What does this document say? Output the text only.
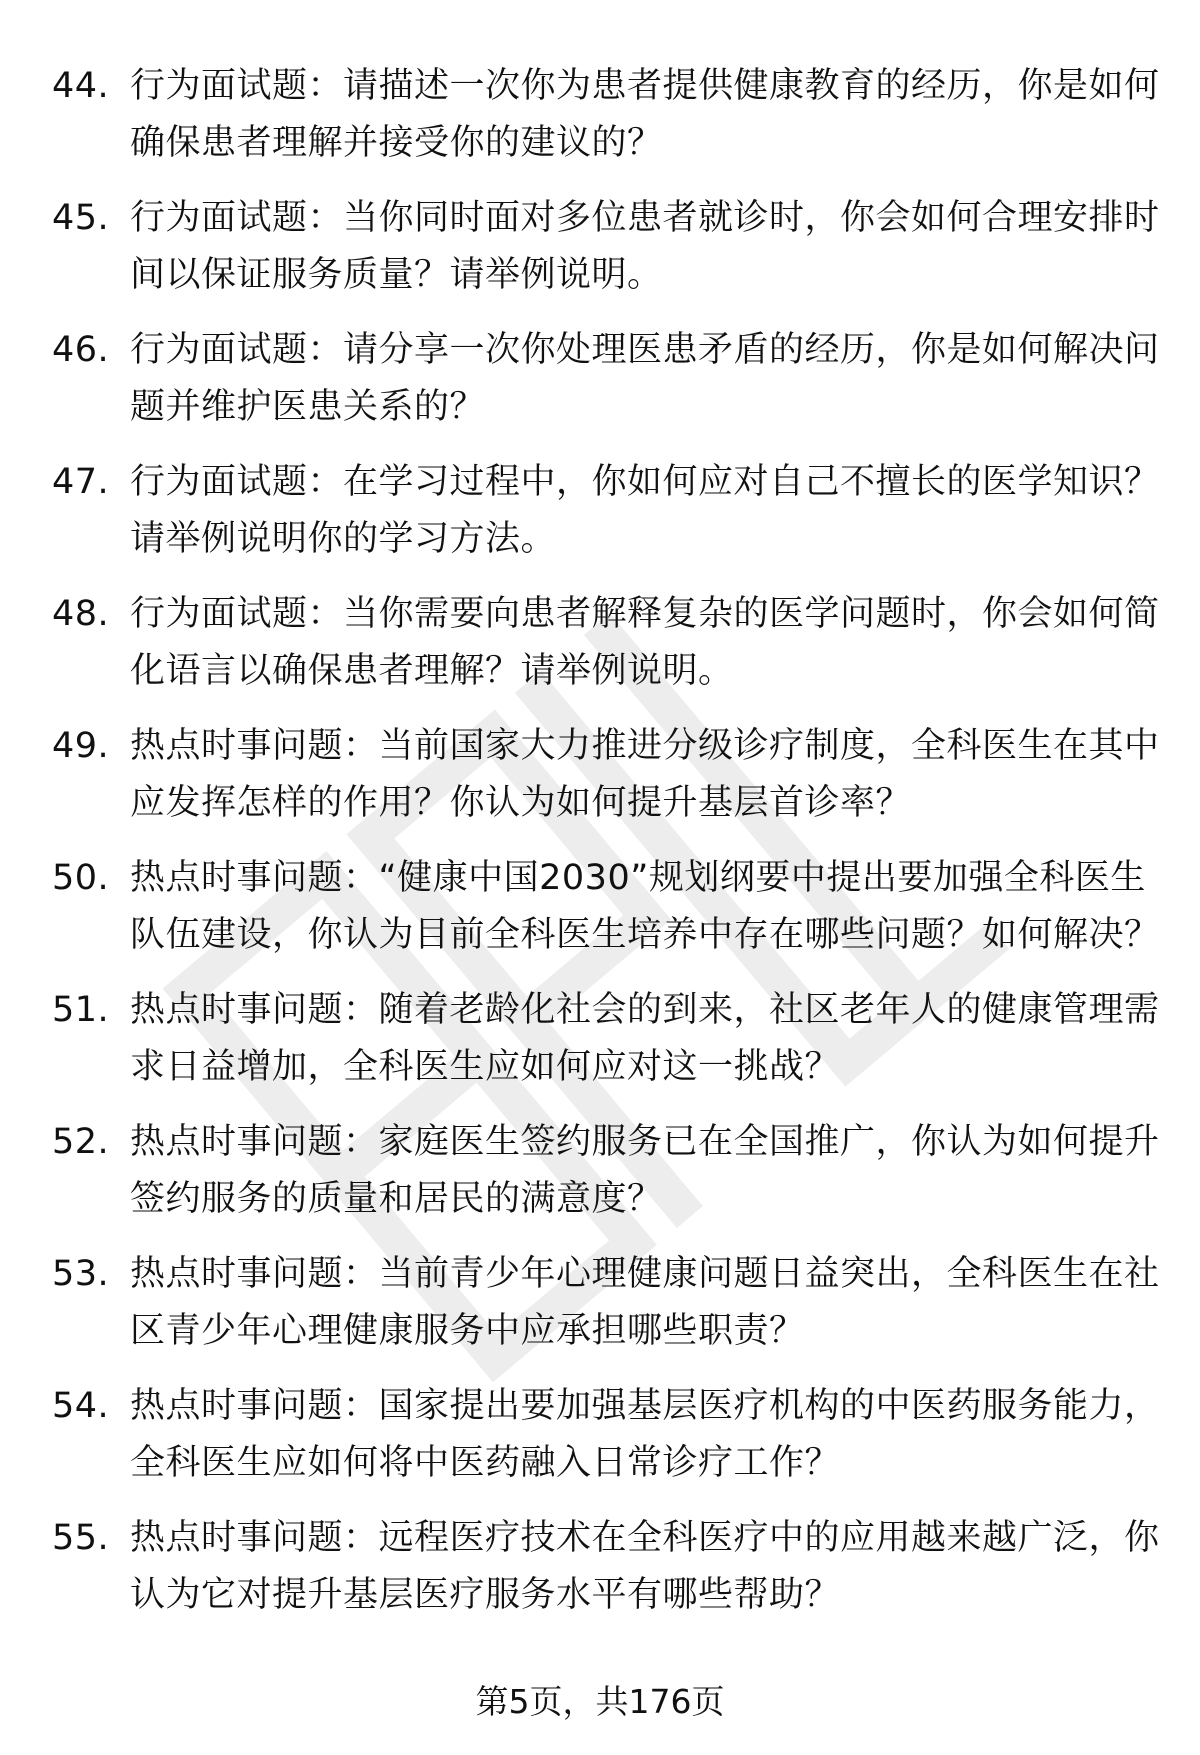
44. 行为面试题：请描述一次你为患者提供健康教育的经历，你是如何确保患者理解并接受你的建议的？
45. 行为面试题：当你同时面对多位患者就诊时，你会如何合理安排时间以保证服务质量？请举例说明。
46. 行为面试题：请分享一次你处理医患矛盾的经历，你是如何解决问题并维护医患关系的？
47. 行为面试题：在学习过程中，你如何应对自己不擅长的医学知识？请举例说明你的学习方法。
48. 行为面试题：当你需要向患者解释复杂的医学问题时，你会如何简化语言以确保患者理解？请举例说明。
49. 热点时事问题：当前国家大力推进分级诊疗制度，全科医生在其中应发挥怎样的作用？你认为如何提升基层首诊率？
50. 热点时事问题：“健康中国2030”规划纲要中提出要加强全科医生队伍建设，你认为目前全科医生培养中存在哪些问题？如何解决？
51. 热点时事问题：随着老龄化社会的到来，社区老年人的健康管理需求日益增加，全科医生应如何应对这一挑战？
52. 热点时事问题：家庭医生签约服务已在全国推广，你认为如何提升签约服务的质量和居民的满意度？
53. 热点时事问题：当前青少年心理健康问题日益突出，全科医生在社区青少年心理健康服务中应承担哪些职责？
54. 热点时事问题：国家提出要加强基层医疗机构的中医药服务能力，全科医生应如何将中医药融入日常诊疗工作？
55. 热点时事问题：远程医疗技术在全科医疗中的应用越来越广泛，你认为它对提升基层医疗服务水平有哪些帮助？
第5页，共176页
